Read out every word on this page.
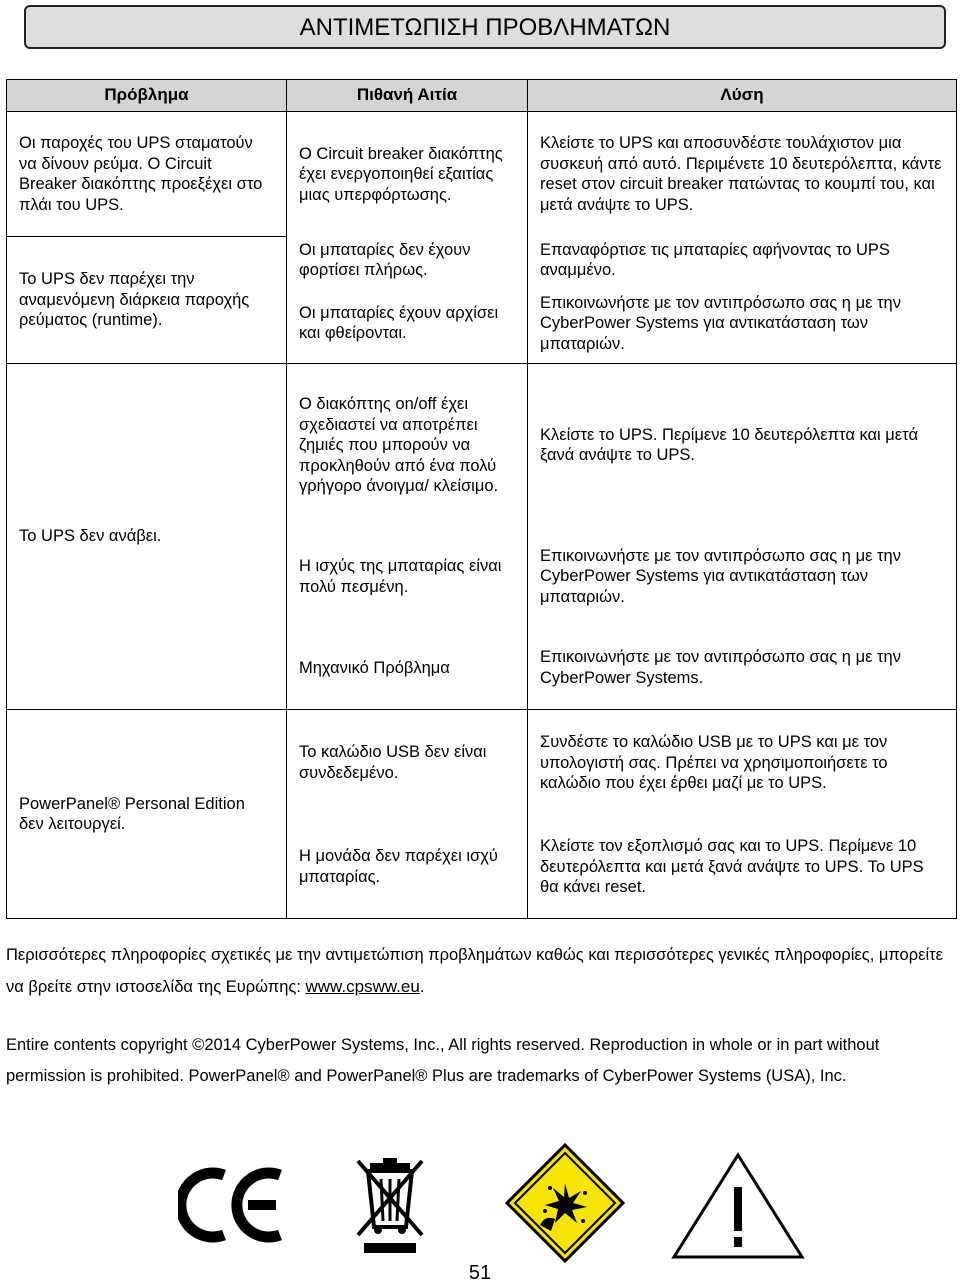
ΑΝΤΙΜΕΤΩΠΙΣΗ ΠΡΟΒΛΗΜΑΤΩΝ
Πρόβλημα	Πιθανή Αιτία	Λύση

Οι παροχές του UPS σταματούν να δίνουν ρεύμα. Ο Circuit Breaker διακόπτης προεξέχει στο πλάι του UPS.	Ο Circuit breaker διακόπτης έχει ενεργοποιηθεί εξαιτίας μιας υπερφόρτωσης.	Κλείστε το UPS και αποσυνδέστε τουλάχιστον μια συσκευή από αυτό. Περιμένετε 10 δευτερόλεπτα, κάντε reset στον circuit breaker πατώντας το κουμπί του, και μετά ανάψτε το UPS.

Το UPS δεν παρέχει την αναμενόμενη διάρκεια παροχής ρεύματος (runtime).	Οι μπαταρίες δεν έχουν φορτίσει πλήρως.	Επαναφόρτισε τις μπαταρίες αφήνοντας το UPS αναμμένο.

	Οι μπαταρίες έχουν αρχίσει και φθείρονται.	Επικοινωνήστε με τον αντιπρόσωπο σας η με την CyberPower Systems για αντικατάσταση των μπαταριών.

Το UPS δεν ανάβει.	Ο διακόπτης on/off έχει σχεδιαστεί να αποτρέπει ζημιές που μπορούν να προκληθούν από ένα πολύ γρήγορο άνοιγμα/ κλείσιμο.	Κλείστε το UPS. Περίμενε 10 δευτερόλεπτα και μετά ξανά ανάψτε το UPS.

	Η ισχύς της μπαταρίας είναι πολύ πεσμένη.	Επικοινωνήστε με τον αντιπρόσωπο σας η με την CyberPower Systems για αντικατάσταση των μπαταριών.

	Μηχανικό Πρόβλημα	Επικοινωνήστε με τον αντιπρόσωπο σας η με την CyberPower Systems.

PowerPanel® Personal Edition δεν λειτουργεί.	Το καλώδιο USB δεν είναι συνδεδεμένο.	Συνδέστε το καλώδιο USB με το UPS και με τον υπολογιστή σας. Πρέπει να χρησιμοποιήσετε το καλώδιο που έχει έρθει μαζί με το UPS.

	Η μονάδα δεν παρέχει ισχύ μπαταρίας.	Κλείστε τον εξοπλισμό σας και το UPS. Περίμενε 10 δευτερόλεπτα και μετά ξανά ανάψτε το UPS. Το UPS θα κάνει reset.
Περισσότερες πληροφορίες σχετικές με την αντιμετώπιση προβλημάτων καθώς και περισσότερες γενικές πληροφορίες, μπορείτε να βρείτε στην ιστοσελίδα της Ευρώπης: www.cpsww.eu.
Entire contents copyright ©2014 CyberPower Systems, Inc., All rights reserved. Reproduction in whole or in part without permission is prohibited. PowerPanel® and PowerPanel® Plus are trademarks of CyberPower Systems (USA), Inc.
51
